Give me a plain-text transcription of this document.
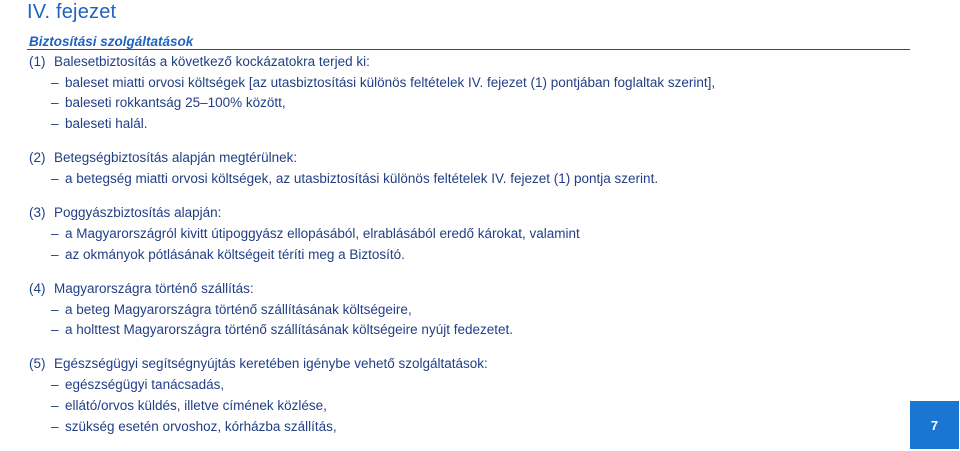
IV. fejezet
Biztosítási szolgáltatások
(1) Balesetbiztosítás a következő kockázatokra terjed ki:
– baleset miatti orvosi költségek [az utasbiztosítási különös feltételek IV. fejezet (1) pontjában foglaltak szerint],
– baleseti rokkantság 25–100% között,
– baleseti halál.
(2) Betegségbiztosítás alapján megtérülnek:
– a betegség miatti orvosi költségek, az utasbiztosítási különös feltételek IV. fejezet (1) pontja szerint.
(3) Poggyászbiztosítás alapján:
– a Magyarországról kivitt útipoggyász ellopásából, elrablásából eredő károkat, valamint
– az okmányok pótlásának költségeit téríti meg a Biztosító.
(4) Magyarországra történő szállítás:
– a beteg Magyarországra történő szállításának költségeire,
– a holttest Magyarországra történő szállításának költségeire nyújt fedezetet.
(5) Egészségügyi segítségnyújtás keretében igénybe vehető szolgáltatások:
– egészségügyi tanácsadás,
– ellátó/orvos küldés, illetve címének közlése,
– szükség esetén orvoshoz, kórházba szállítás,	7
